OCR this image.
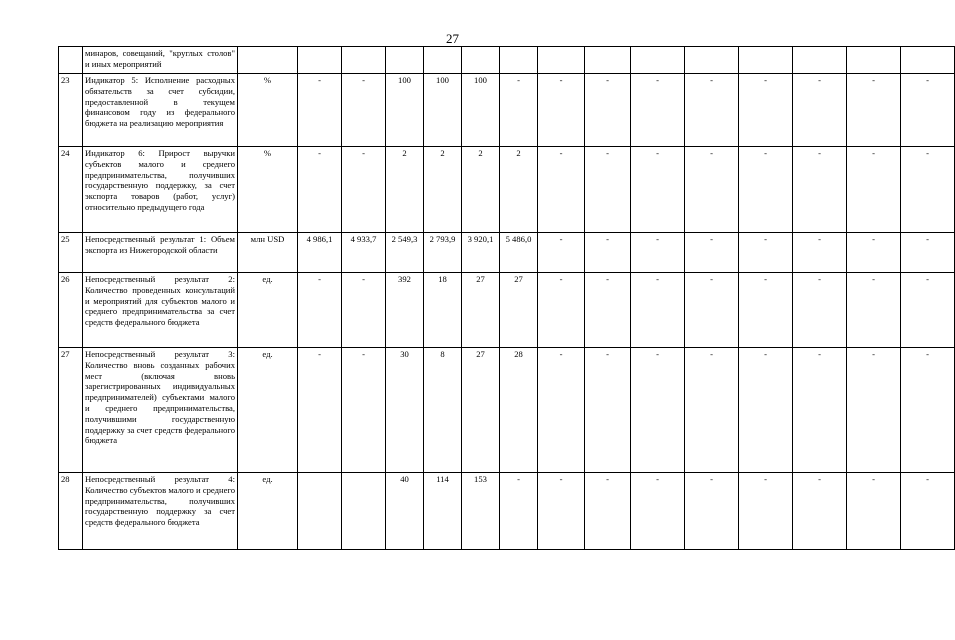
27
	минаров, совещаний, "круглых столов" и иных мероприятий															
23	Индикатор 5: Исполнение расходных обязательств за счет субсидии, предоставленной в текущем финансовом году из федерального бюджета на реализацию мероприятия	%	-	-	100	100	100	-	-	-	-	-	-	-	-	-
24	Индикатор 6: Прирост выручки субъектов малого и среднего предпринимательства, получивших государственную поддержку, за счет экспорта товаров (работ, услуг) относительно предыдущего года	%	-	-	2	2	2	2	-	-	-	-	-	-	-	-
25	Непосредственный результат 1: Объем экспорта из Нижегородской области	млн USD	4 986,1	4 933,7	2 549,3	2 793,9	3 920,1	5 486,0	-	-	-	-	-	-	-	-
26	Непосредственный результат 2: Количество проведенных консультаций и мероприятий для субъектов малого и среднего предпринимательства за счет средств федерального бюджета	ед.	-	-	392	18	27	27	-	-	-	-	-	-	-	-
27	Непосредственный результат 3: Количество вновь созданных рабочих мест (включая вновь зарегистрированных индивидуальных предпринимателей) субъектами малого и среднего предпринимательства, получившими государственную поддержку за счет средств федерального бюджета	ед.	-	-	30	8	27	28	-	-	-	-	-	-	-	-
28	Непосредственный результат 4: Количество субъектов малого и среднего предпринимательства, получивших государственную поддержку за счет средств федерального бюджета	ед.			40	114	153	-	-	-	-	-	-	-	-	-
